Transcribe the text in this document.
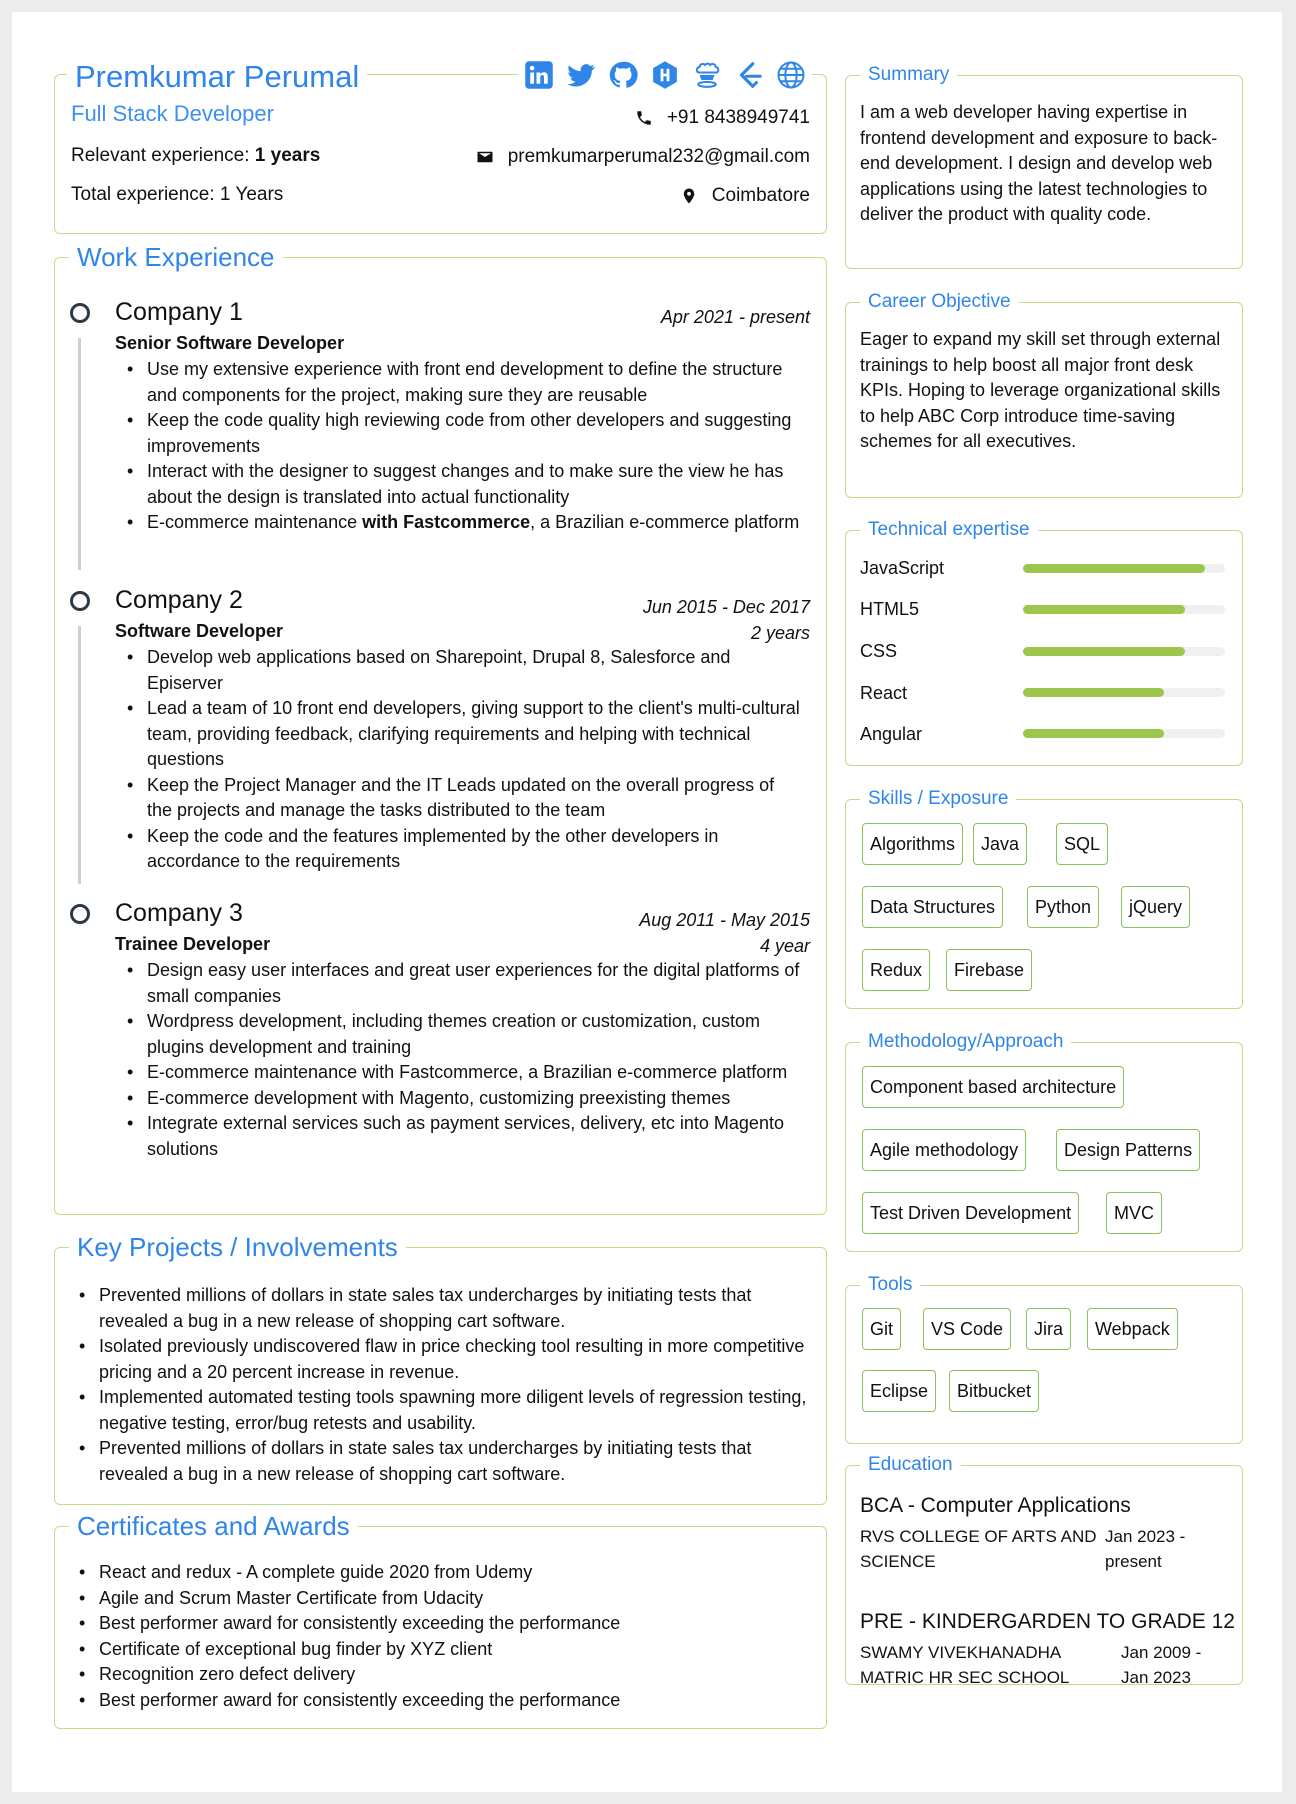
Premkumar Perumal
Full Stack Developer
Relevant experience: 1 years
Total experience: 1 Years
+91 8438949741
premkumarperumal232@gmail.com
Coimbatore
Work Experience
Company 1	Apr 2021 - present
Senior Software Developer
• Use my extensive experience with front end development to define the structure and components for the project, making sure they are reusable
• Keep the code quality high reviewing code from other developers and suggesting improvements
• Interact with the designer to suggest changes and to make sure the view he has about the design is translated into actual functionality
• E-commerce maintenance with Fastcommerce, a Brazilian e-commerce platform
Company 2	Jun 2015 - Dec 2017
2 years
Software Developer
• Develop web applications based on Sharepoint, Drupal 8, Salesforce and Episerver
• Lead a team of 10 front end developers, giving support to the client's multi-cultural team, providing feedback, clarifying requirements and helping with technical questions
• Keep the Project Manager and the IT Leads updated on the overall progress of the projects and manage the tasks distributed to the team
• Keep the code and the features implemented by the other developers in accordance to the requirements
Company 3	Aug 2011 - May 2015
4 year
Trainee Developer
• Design easy user interfaces and great user experiences for the digital platforms of small companies
• Wordpress development, including themes creation or customization, custom plugins development and training
• E-commerce maintenance with Fastcommerce, a Brazilian e-commerce platform
• E-commerce development with Magento, customizing preexisting themes
• Integrate external services such as payment services, delivery, etc into Magento solutions
Key Projects / Involvements
• Prevented millions of dollars in state sales tax undercharges by initiating tests that revealed a bug in a new release of shopping cart software.
• Isolated previously undiscovered flaw in price checking tool resulting in more competitive pricing and a 20 percent increase in revenue.
• Implemented automated testing tools spawning more diligent levels of regression testing, negative testing, error/bug retests and usability.
• Prevented millions of dollars in state sales tax undercharges by initiating tests that revealed a bug in a new release of shopping cart software.
Certificates and Awards
• React and redux - A complete guide 2020 from Udemy
• Agile and Scrum Master Certificate from Udacity
• Best performer award for consistently exceeding the performance
• Certificate of exceptional bug finder by XYZ client
• Recognition zero defect delivery
• Best performer award for consistently exceeding the performance
Summary
I am a web developer having expertise in frontend development and exposure to back- end development. I design and develop web applications using the latest technologies to deliver the product with quality code.
Career Objective
Eager to expand my skill set through external trainings to help boost all major front desk KPIs. Hoping to leverage organizational skills to help ABC Corp introduce time-saving schemes for all executives.
Technical expertise
JavaScript
HTML5
CSS
React
Angular
Skills / Exposure
Algorithms	Java	SQL
Data Structures	Python	jQuery
Redux	Firebase
Methodology/Approach
Component based architecture
Agile methodology	Design Patterns
Test Driven Development	MVC
Tools
Git	VS Code	Jira	Webpack
Eclipse	Bitbucket
Education
BCA - Computer Applications
RVS COLLEGE OF ARTS AND SCIENCE
Jan 2023 - present
PRE - KINDERGARDEN TO GRADE 12
SWAMY VIVEKHANADHA MATRIC HR SEC SCHOOL
Jan 2009 - Jan 2023
